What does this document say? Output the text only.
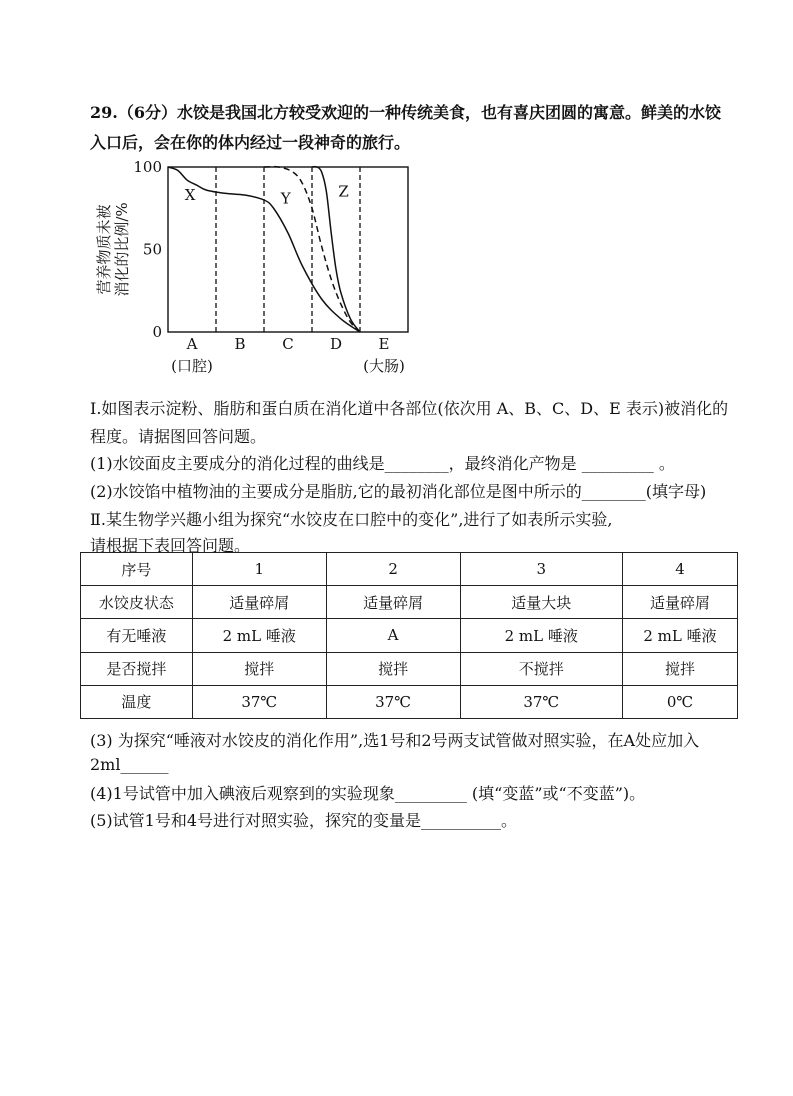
29.（6分）水饺是我国北方较受欢迎的一种传统美食，也有喜庆团圆的寓意。鲜美的水饺
入口后，会在你的体内经过一段神奇的旅行。
100
50
0
营养物质未被 消化的比例/%
A B C D E
(口腔)	(大肠)
X	Y	Z
I.如图表示淀粉、脂肪和蛋白质在消化道中各部位(依次用 A、B、C、D、E 表示)被消化的
程度。请据图回答问题。
(1)水饺面皮主要成分的消化过程的曲线是________，最终消化产物是 _________ 。
(2)水饺馅中植物油的主要成分是脂肪,它的最初消化部位是图中所示的________(填字母)
Ⅱ.某生物学兴趣小组为探究“水饺皮在口腔中的变化”,进行了如表所示实验,
请根据下表回答问题。
序号	1	2	3	4
水饺皮状态	适量碎屑	适量碎屑	适量大块	适量碎屑
有无唾液	2 mL 唾液	A	2 mL 唾液	2 mL 唾液
是否搅拌	搅拌	搅拌	不搅拌	搅拌
温度	37℃	37℃	37℃	0℃
(3) 为探究“唾液对水饺皮的消化作用”,选1号和2号两支试管做对照实验，在A处应加入
2ml______
(4)1号试管中加入碘液后观察到的实验现象_________ (填“变蓝”或“不变蓝”)。
(5)试管1号和4号进行对照实验，探究的变量是__________。
